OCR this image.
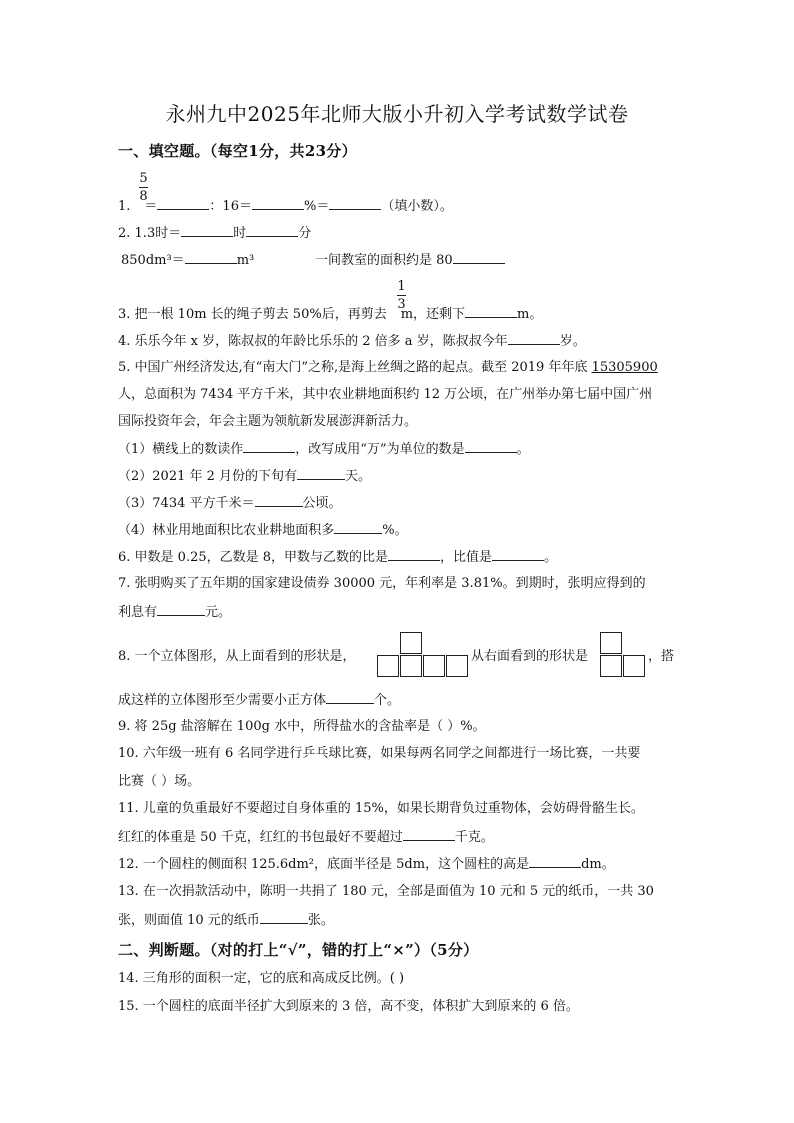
永州九中2025年北师大版小升初入学考试数学试卷
一、填空题。（每空1分，共23分）
5
8
1. ＝	：16＝	%＝	（填小数）。
2. 1.3时＝	时	分
850dm³＝	m³	一间教室的面积约是 80
1
3
3. 把一根 10m 长的绳子剪去 50%后，再剪去 m，还剩下	m。
4. 乐乐今年 x 岁，陈叔叔的年龄比乐乐的 2 倍多 a 岁，陈叔叔今年	岁。
5. 中国广州经济发达,有“南大门”之称,是海上丝绸之路的起点。截至 2019 年年底 15305900
人，总面积为 7434 平方千米，其中农业耕地面积约 12 万公顷，在广州举办第七届中国广州
国际投资年会，年会主题为领航新发展澎湃新活力。
（1）横线上的数读作	，改写成用“万”为单位的数是	。
（2）2021 年 2 月份的下旬有	天。
（3）7434 平方千米＝	公顷。
（4）林业用地面积比农业耕地面积多	%。
6. 甲数是 0.25，乙数是 8，甲数与乙数的比是	，比值是	。
7. 张明购买了五年期的国家建设债券 30000 元，年利率是 3.81%。到期时，张明应得到的
利息有	元。
8. 一个立体图形，从上面看到的形状是，	从右面看到的形状是	，搭
成这样的立体图形至少需要小正方体	个。
9. 将 25g 盐溶解在 100g 水中，所得盐水的含盐率是（ ）%。
10. 六年级一班有 6 名同学进行乒乓球比赛，如果每两名同学之间都进行一场比赛，一共要
比赛（ ）场。
11. 儿童的负重最好不要超过自身体重的 15%，如果长期背负过重物体，会妨碍骨骼生长。
红红的体重是 50 千克，红红的书包最好不要超过	千克。
12. 一个圆柱的侧面积 125.6dm²，底面半径是 5dm，这个圆柱的高是	dm。
13. 在一次捐款活动中，陈明一共捐了 180 元，全部是面值为 10 元和 5 元的纸币，一共 30
张，则面值 10 元的纸币	张。
二、判断题。（对的打上“√”，错的打上“×”）（5分）
14. 三角形的面积一定，它的底和高成反比例。( )
15. 一个圆柱的底面半径扩大到原来的 3 倍，高不变，体积扩大到原来的 6 倍。
